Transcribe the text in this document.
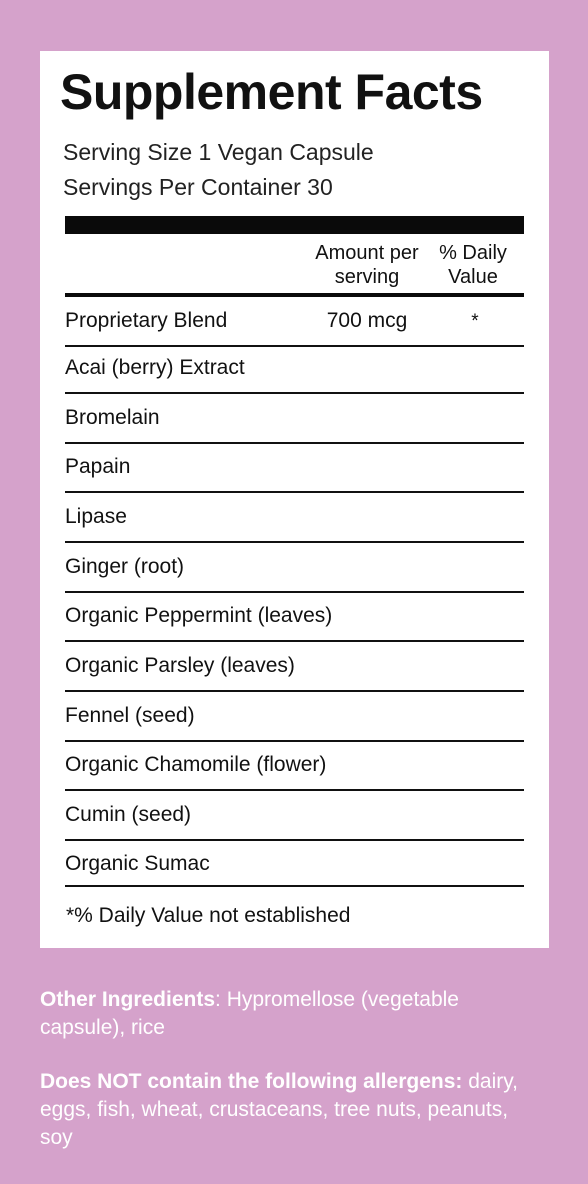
Supplement Facts
Serving Size 1 Vegan Capsule
Servings Per Container 30
Amount per serving
% Daily Value
Proprietary Blend	700 mcg	*
Acai (berry) Extract
Bromelain
Papain
Lipase
Ginger (root)
Organic Peppermint (leaves)
Organic Parsley (leaves)
Fennel (seed)
Organic Chamomile (flower)
Cumin (seed)
Organic Sumac
*% Daily Value not established
Other Ingredients: Hypromellose (vegetable capsule), rice
Does NOT contain the following allergens: dairy, eggs, fish, wheat, crustaceans, tree nuts, peanuts, soy
